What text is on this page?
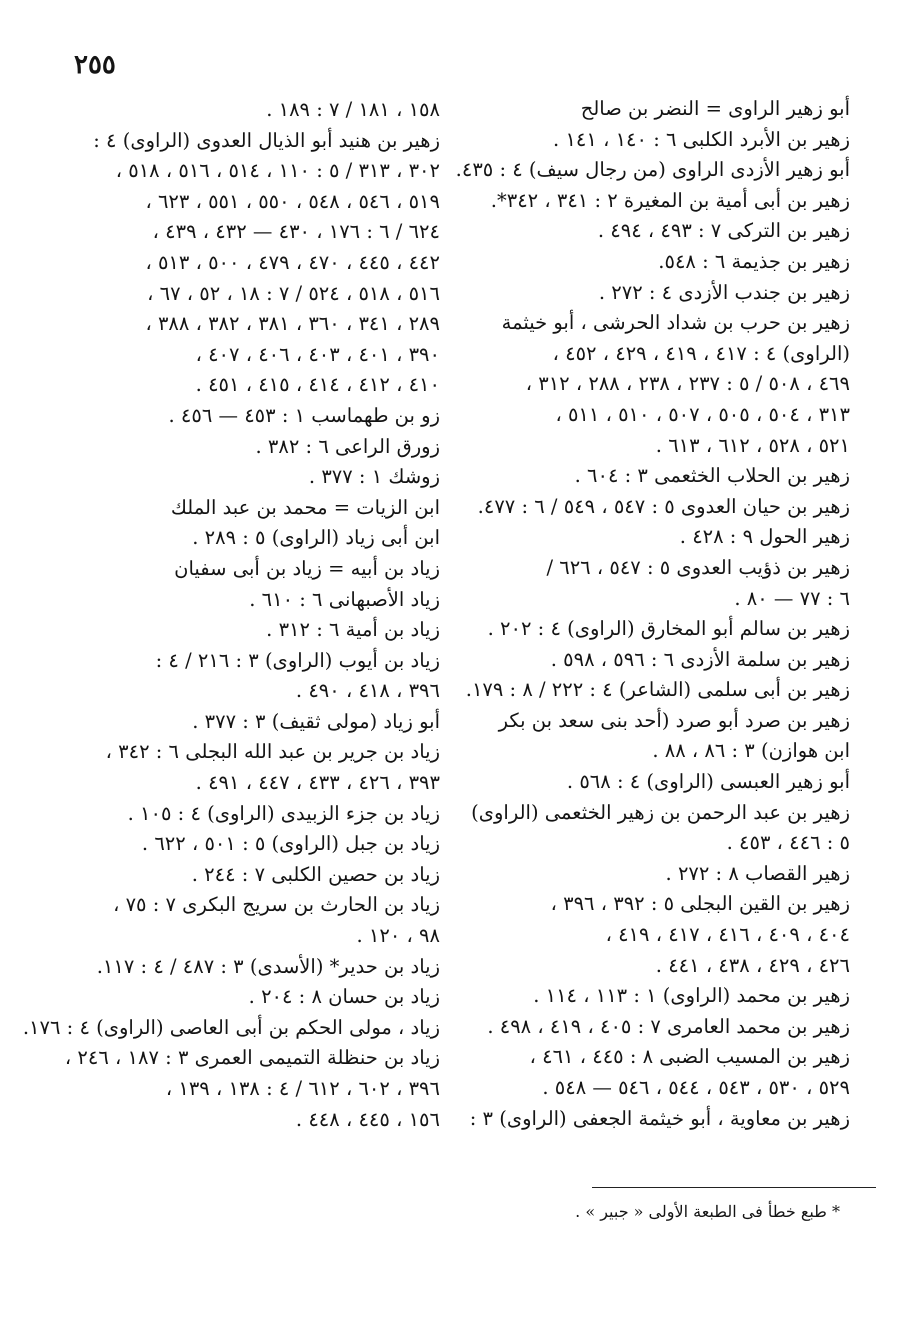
٢٥٥
أبو زهير الراوى = النضر بن صالح
زهير بن الأبرد الكلبى ٦ : ١٤٠ ، ١٤١ .
أبو زهير الأزدى الراوى (من رجال سيف) ٤ : ٤٣٥.
زهير بن أبى أمية بن المغيرة ٢ : ٣٤١ ، ٣٤٢*.
زهير بن التركى ٧ : ٤٩٣ ، ٤٩٤ .
زهير بن جذيمة ٦ : ٥٤٨.
زهير بن جندب الأزدى ٤ : ٢٧٢ .
زهير بن حرب بن شداد الحرشى ، أبو خيثمة
(الراوى) ٤ : ٤١٧ ، ٤١٩ ، ٤٢٩ ، ٤٥٢ ،
٤٦٩ ، ٥٠٨ / ٥ : ٢٣٧ ، ٢٣٨ ، ٢٨٨ ، ٣١٢ ،
٣١٣ ، ٥٠٤ ، ٥٠٥ ، ٥٠٧ ، ٥١٠ ، ٥١١ ،
٥٢١ ، ٥٢٨ ، ٦١٢ ، ٦١٣ .
زهير بن الحلاب الخثعمى ٣ : ٦٠٤ .
زهير بن حيان العدوى ٥ : ٥٤٧ ، ٥٤٩ / ٦ : ٤٧٧.
زهير الحول ٩ : ٤٢٨ .
زهير بن ذؤيب العدوى ٥ : ٥٤٧ ، ٦٢٦ /
٦ : ٧٧ — ٨٠ .
زهير بن سالم أبو المخارق (الراوى) ٤ : ٢٠٢ .
زهير بن سلمة الأزدى ٦ : ٥٩٦ ، ٥٩٨ .
زهير بن أبى سلمى (الشاعر) ٤ : ٢٢٢ / ٨ : ١٧٩.
زهير بن صرد أبو صرد (أحد بنى سعد بن بكر
ابن هوازن) ٣ : ٨٦ ، ٨٨ .
أبو زهير العبسى (الراوى) ٤ : ٥٦٨ .
زهير بن عبد الرحمن بن زهير الخثعمى (الراوى)
٥ : ٤٤٦ ، ٤٥٣ .
زهير القصاب ٨ : ٢٧٢ .
زهير بن القين البجلى ٥ : ٣٩٢ ، ٣٩٦ ،
٤٠٤ ، ٤٠٩ ، ٤١٦ ، ٤١٧ ، ٤١٩ ،
٤٢٦ ، ٤٢٩ ، ٤٣٨ ، ٤٤١ .
زهير بن محمد (الراوى) ١ : ١١٣ ، ١١٤ .
زهير بن محمد العامرى ٧ : ٤٠٥ ، ٤١٩ ، ٤٩٨ .
زهير بن المسيب الضبى ٨ : ٤٤٥ ، ٤٦١ ،
٥٢٩ ، ٥٣٠ ، ٥٤٣ ، ٥٤٤ ، ٥٤٦ — ٥٤٨ .
زهير بن معاوية ، أبو خيثمة الجعفى (الراوى) ٣ :
١٥٨ ، ١٨١ / ٧ : ١٨٩ .
زهير بن هنيد أبو الذيال العدوى (الراوى) ٤ :
٣٠٢ ، ٣١٣ / ٥ : ١١٠ ، ٥١٤ ، ٥١٦ ، ٥١٨ ،
٥١٩ ، ٥٤٦ ، ٥٤٨ ، ٥٥٠ ، ٥٥١ ، ٦٢٣ ،
٦٢٤ / ٦ : ١٧٦ ، ٤٣٠ — ٤٣٢ ، ٤٣٩ ،
٤٤٢ ، ٤٤٥ ، ٤٧٠ ، ٤٧٩ ، ٥٠٠ ، ٥١٣ ،
٥١٦ ، ٥١٨ ، ٥٢٤ / ٧ : ١٨ ، ٥٢ ، ٦٧ ،
٢٨٩ ، ٣٤١ ، ٣٦٠ ، ٣٨١ ، ٣٨٢ ، ٣٨٨ ،
٣٩٠ ، ٤٠١ ، ٤٠٣ ، ٤٠٦ ، ٤٠٧ ،
٤١٠ ، ٤١٢ ، ٤١٤ ، ٤١٥ ، ٤٥١ .
زو بن طهماسب ١ : ٤٥٣ — ٤٥٦ .
زورق الراعى ٦ : ٣٨٢ .
زوشك ١ : ٣٧٧ .
ابن الزيات = محمد بن عبد الملك
ابن أبى زياد (الراوى) ٥ : ٢٨٩ .
زياد بن أبيه = زياد بن أبى سفيان
زياد الأصبهانى ٦ : ٦١٠ .
زياد بن أمية ٦ : ٣١٢ .
زياد بن أيوب (الراوى) ٣ : ٢١٦ / ٤ :
٣٩٦ ، ٤١٨ ، ٤٩٠ .
أبو زياد (مولى ثقيف) ٣ : ٣٧٧ .
زياد بن جرير بن عبد الله البجلى ٦ : ٣٤٢ ،
٣٩٣ ، ٤٢٦ ، ٤٣٣ ، ٤٤٧ ، ٤٩١ .
زياد بن جزء الزبيدى (الراوى) ٤ : ١٠٥ .
زياد بن جبل (الراوى) ٥ : ٥٠١ ، ٦٢٢ .
زياد بن حصين الكلبى ٧ : ٢٤٤ .
زياد بن الحارث بن سريج البكرى ٧ : ٧٥ ،
٩٨ ، ١٢٠ .
زياد بن حدير* (الأسدى) ٣ : ٤٨٧ / ٤ : ١١٧.
زياد بن حسان ٨ : ٢٠٤ .
زياد ، مولى الحكم بن أبى العاصى (الراوى) ٤ : ١٧٦.
زياد بن حنظلة التميمى العمرى ٣ : ١٨٧ ، ٢٤٦ ،
٣٩٦ ، ٦٠٢ ، ٦١٢ / ٤ : ١٣٨ ، ١٣٩ ،
١٥٦ ، ٤٤٥ ، ٤٤٨ .
* طبع خطأ فى الطبعة الأولى « جبير » .
